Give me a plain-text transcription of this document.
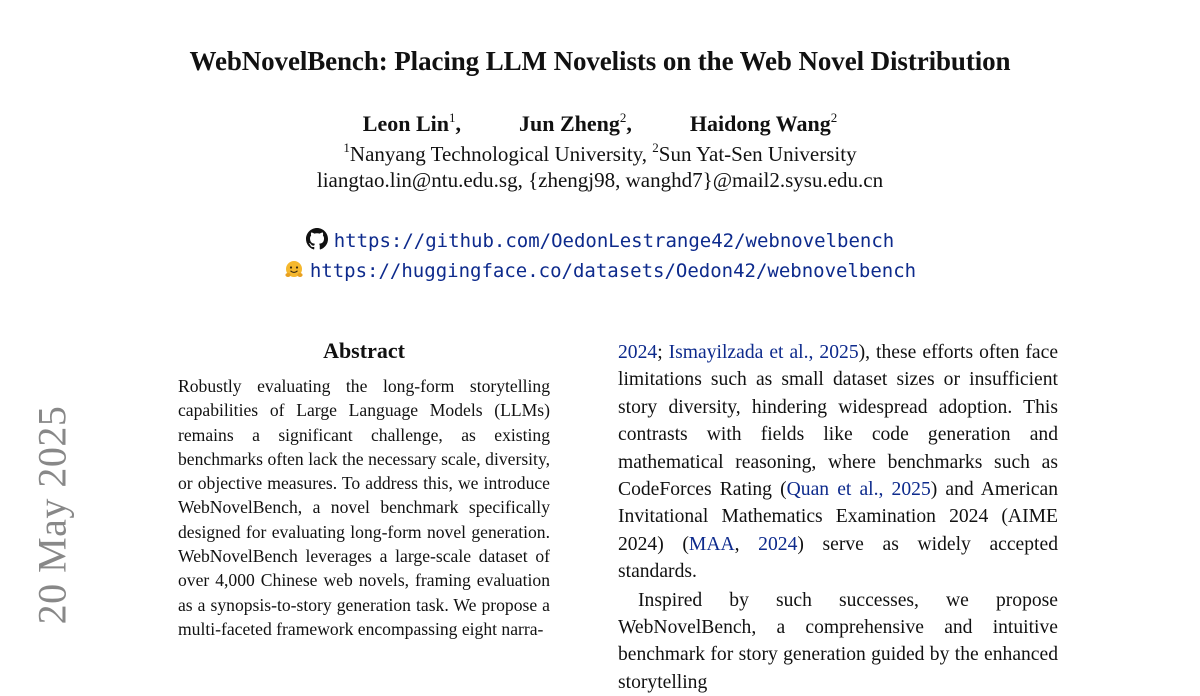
20 May 2025
WebNovelBench: Placing LLM Novelists on the Web Novel Distribution
Leon Lin$^1$,	Jun Zheng$^2$,	Haidong Wang$^2$
$^1$Nanyang Technological University, $^2$Sun Yat-Sen University
liangtao.lin@ntu.edu.sg, {zhengj98, wanghd7}@mail2.sysu.edu.cn
https://github.com/OedonLestrange42/webnovelbench
https://huggingface.co/datasets/Oedon42/webnovelbench
Abstract
Robustly evaluating the long-form storytelling capabilities of Large Language Models (LLMs) remains a significant challenge, as existing benchmarks often lack the necessary scale, diversity, or objective measures. To address this, we introduce WebNovelBench, a novel benchmark specifically designed for evaluating long-form novel generation. WebNovelBench leverages a large-scale dataset of over 4,000 Chinese web novels, framing evaluation as a synopsis-to-story generation task. We propose a multi-faceted framework encompassing eight narra-

2024; Ismayilzada et al., 2025), these efforts often face limitations such as small dataset sizes or insufficient story diversity, hindering widespread adoption. This contrasts with fields like code generation and mathematical reasoning, where benchmarks such as CodeForces Rating (Quan et al., 2025) and American Invitational Mathematics Examination 2024 (AIME 2024) (MAA, 2024) serve as widely accepted standards.

Inspired by such successes, we propose WebNovelBench, a comprehensive and intuitive benchmark for story generation guided by the enhanced storytelling
